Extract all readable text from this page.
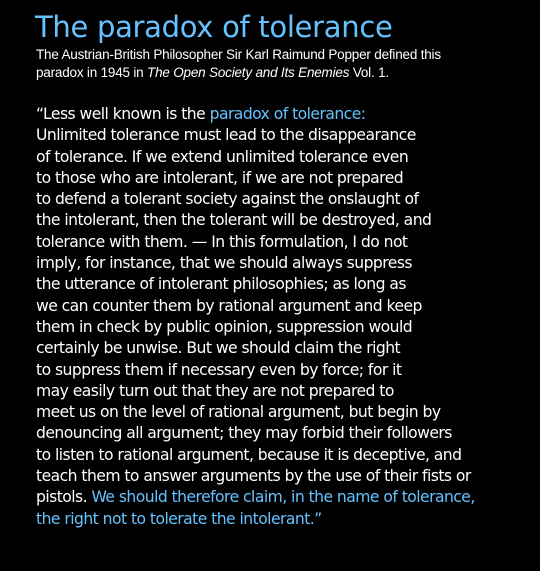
The paradox of tolerance
The Austrian-British Philosopher Sir Karl Raimund Popper defined this
paradox in 1945 in The Open Society and Its Enemies Vol. 1.
“Less well known is the paradox of tolerance:
Unlimited tolerance must lead to the disappearance
of tolerance. If we extend unlimited tolerance even
to those who are intolerant, if we are not prepared
to defend a tolerant society against the onslaught of
the intolerant, then the tolerant will be destroyed, and
tolerance with them. — In this formulation, I do not
imply, for instance, that we should always suppress
the utterance of intolerant philosophies; as long as
we can counter them by rational argument and keep
them in check by public opinion, suppression would
certainly be unwise. But we should claim the right
to suppress them if necessary even by force; for it
may easily turn out that they are not prepared to
meet us on the level of rational argument, but begin by
denouncing all argument; they may forbid their followers
to listen to rational argument, because it is deceptive, and
teach them to answer arguments by the use of their fists or
pistols. We should therefore claim, in the name of tolerance,
the right not to tolerate the intolerant.”
